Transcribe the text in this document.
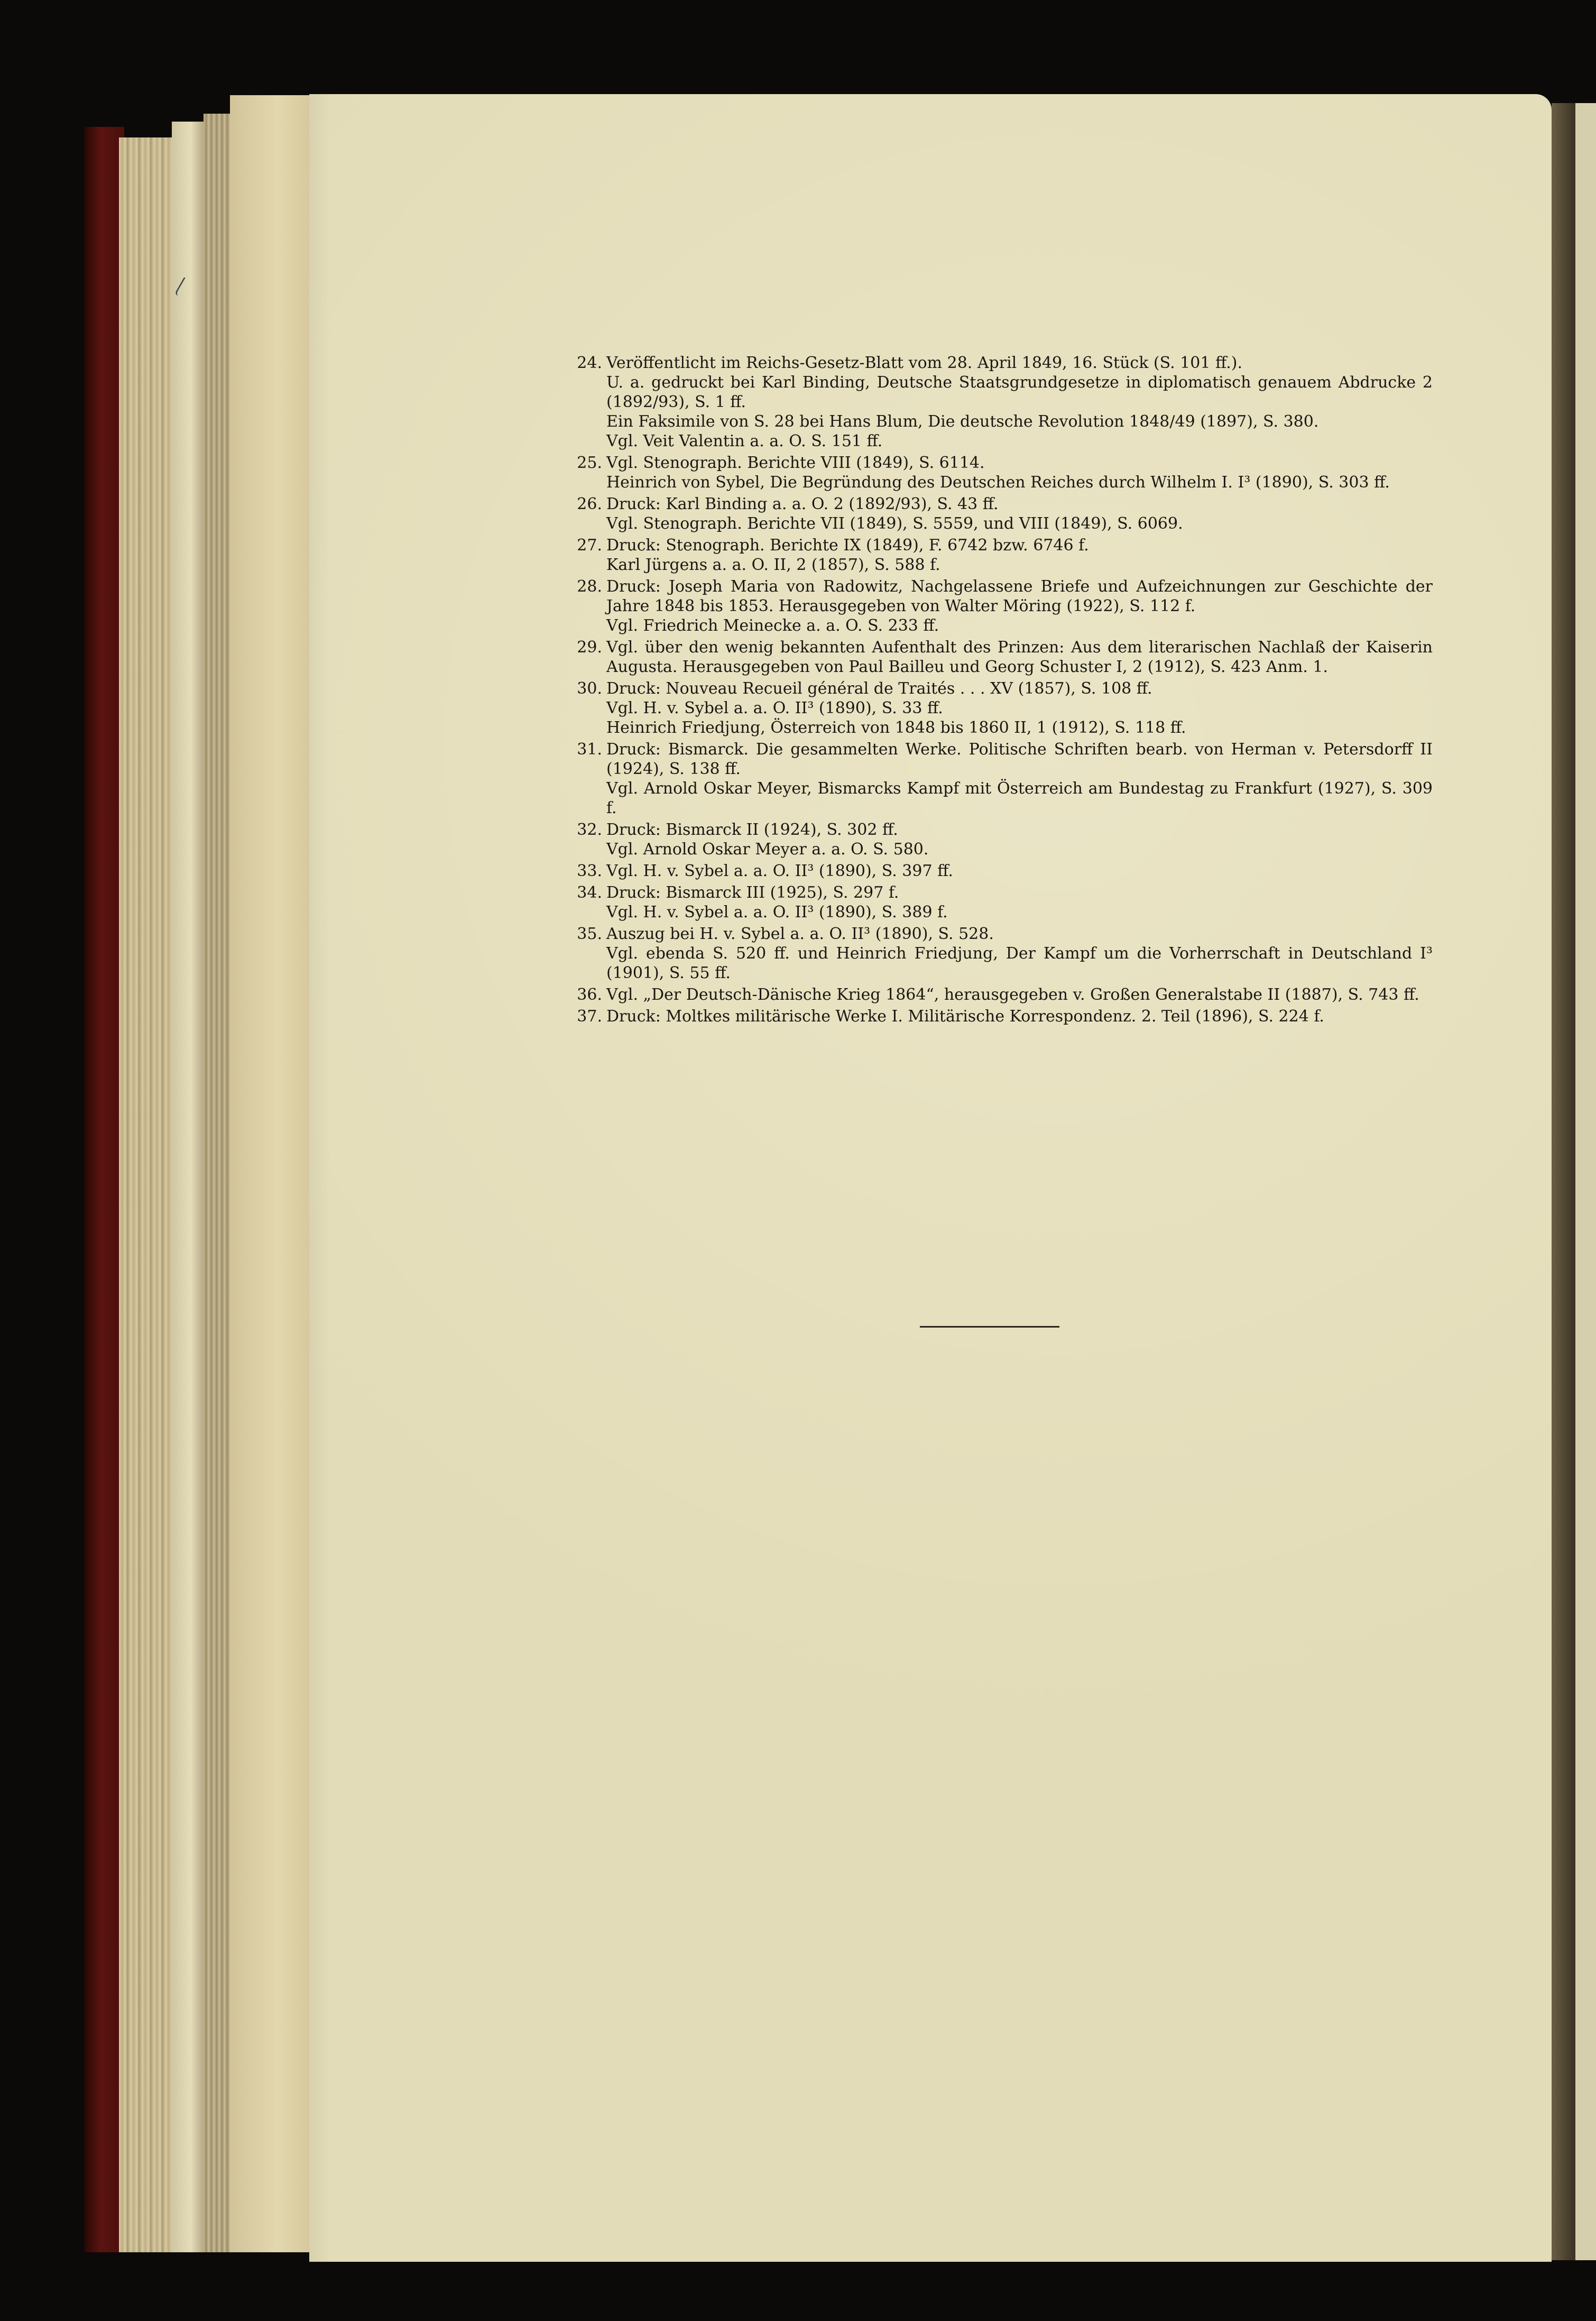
24. Veröffentlicht im Reichs-Gesetz-Blatt vom 28. April 1849, 16. Stück (S. 101 ff.).
U. a. gedruckt bei Karl Binding, Deutsche Staatsgrundgesetze in diplomatisch genauem Abdrucke 2 (1892/93), S. 1 ff.
Ein Faksimile von S. 28 bei Hans Blum, Die deutsche Revolution 1848/49 (1897), S. 380.
Vgl. Veit Valentin a. a. O. S. 151 ff.
25. Vgl. Stenograph. Berichte VIII (1849), S. 6114.
Heinrich von Sybel, Die Begründung des Deutschen Reiches durch Wilhelm I. I³ (1890), S. 303 ff.
26. Druck: Karl Binding a. a. O. 2 (1892/93), S. 43 ff.
Vgl. Stenograph. Berichte VII (1849), S. 5559, und VIII (1849), S. 6069.
27. Druck: Stenograph. Berichte IX (1849), F. 6742 bzw. 6746 f.
Karl Jürgens a. a. O. II, 2 (1857), S. 588 f.
28. Druck: Joseph Maria von Radowitz, Nachgelassene Briefe und Aufzeichnungen zur Geschichte der Jahre 1848 bis 1853. Herausgegeben von Walter Möring (1922), S. 112 f.
Vgl. Friedrich Meinecke a. a. O. S. 233 ff.
29. Vgl. über den wenig bekannten Aufenthalt des Prinzen: Aus dem literarischen Nachlaß der Kaiserin Augusta. Herausgegeben von Paul Bailleu und Georg Schuster I, 2 (1912), S. 423 Anm. 1.
30. Druck: Nouveau Recueil général de Traités . . . XV (1857), S. 108 ff.
Vgl. H. v. Sybel a. a. O. II³ (1890), S. 33 ff.
Heinrich Friedjung, Österreich von 1848 bis 1860 II, 1 (1912), S. 118 ff.
31. Druck: Bismarck. Die gesammelten Werke. Politische Schriften bearb. von Herman v. Petersdorff II (1924), S. 138 ff.
Vgl. Arnold Oskar Meyer, Bismarcks Kampf mit Österreich am Bundestag zu Frankfurt (1927), S. 309 f.
32. Druck: Bismarck II (1924), S. 302 ff.
Vgl. Arnold Oskar Meyer a. a. O. S. 580.
33. Vgl. H. v. Sybel a. a. O. II³ (1890), S. 397 ff.
34. Druck: Bismarck III (1925), S. 297 f.
Vgl. H. v. Sybel a. a. O. II³ (1890), S. 389 f.
35. Auszug bei H. v. Sybel a. a. O. II³ (1890), S. 528.
Vgl. ebenda S. 520 ff. und Heinrich Friedjung, Der Kampf um die Vorherrschaft in Deutschland I³ (1901), S. 55 ff.
36. Vgl. „Der Deutsch-Dänische Krieg 1864“, herausgegeben v. Großen Generalstabe II (1887), S. 743 ff.
37. Druck: Moltkes militärische Werke I. Militärische Korrespondenz. 2. Teil (1896), S. 224 f.
